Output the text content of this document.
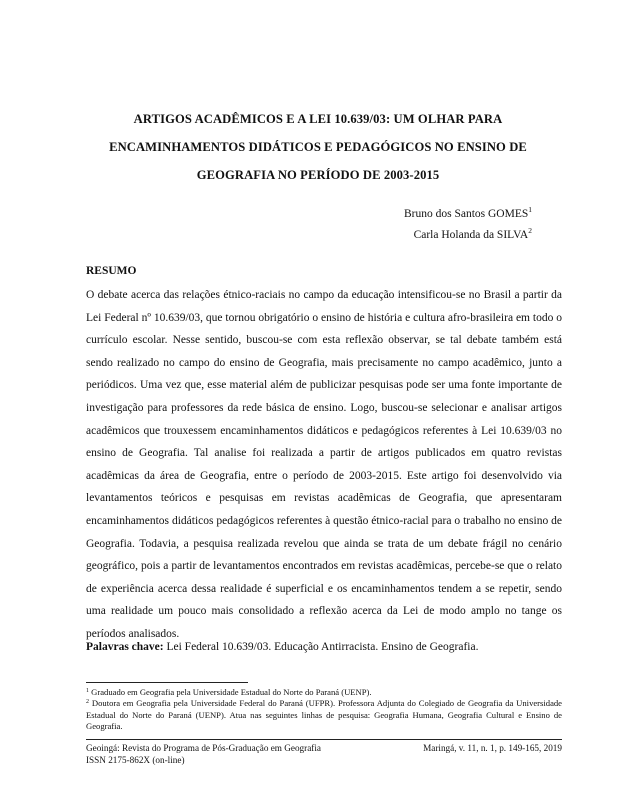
ARTIGOS ACADÊMICOS E A LEI 10.639/03: UM OLHAR PARA ENCAMINHAMENTOS DIDÁTICOS E PEDAGÓGICOS NO ENSINO DE GEOGRAFIA NO PERÍODO DE 2003-2015
Bruno dos Santos GOMES$^1$
Carla Holanda da SILVA$^2$
RESUMO

O debate acerca das relações étnico-raciais no campo da educação intensificou-se no Brasil a partir da Lei Federal nº 10.639/03, que tornou obrigatório o ensino de história e cultura afro-brasileira em todo o currículo escolar. Nesse sentido, buscou-se com esta reflexão observar, se tal debate também está sendo realizado no campo do ensino de Geografia, mais precisamente no campo acadêmico, junto a periódicos. Uma vez que, esse material além de publicizar pesquisas pode ser uma fonte importante de investigação para professores da rede básica de ensino. Logo, buscou-se selecionar e analisar artigos acadêmicos que trouxessem encaminhamentos didáticos e pedagógicos referentes à Lei 10.639/03 no ensino de Geografia. Tal analise foi realizada a partir de artigos publicados em quatro revistas acadêmicas da área de Geografia, entre o período de 2003-2015. Este artigo foi desenvolvido via levantamentos teóricos e pesquisas em revistas acadêmicas de Geografia, que apresentaram encaminhamentos didáticos pedagógicos referentes à questão étnico-racial para o trabalho no ensino de Geografia. Todavia, a pesquisa realizada revelou que ainda se trata de um debate frágil no cenário geográfico, pois a partir de levantamentos encontrados em revistas acadêmicas, percebe-se que o relato de experiência acerca dessa realidade é superficial e os encaminhamentos tendem a se repetir, sendo uma realidade um pouco mais consolidado a reflexão acerca da Lei de modo amplo no tange os períodos analisados.

Palavras chave: Lei Federal 10.639/03. Educação Antirracista. Ensino de Geografia.

$^1$ Graduado em Geografia pela Universidade Estadual do Norte do Paraná (UENP).

$^2$ Doutora em Geografia pela Universidade Federal do Paraná (UFPR). Professora Adjunta do Colegiado de Geografia da Universidade Estadual do Norte do Paraná (UENP). Atua nas seguintes linhas de pesquisa: Geografia Humana, Geografia Cultural e Ensino de Geografia.

Geoingá: Revista do Programa de Pós-Graduação em Geografia	Maringá, v. 11, n. 1, p. 149-165, 2019
ISSN 2175-862X (on-line)
